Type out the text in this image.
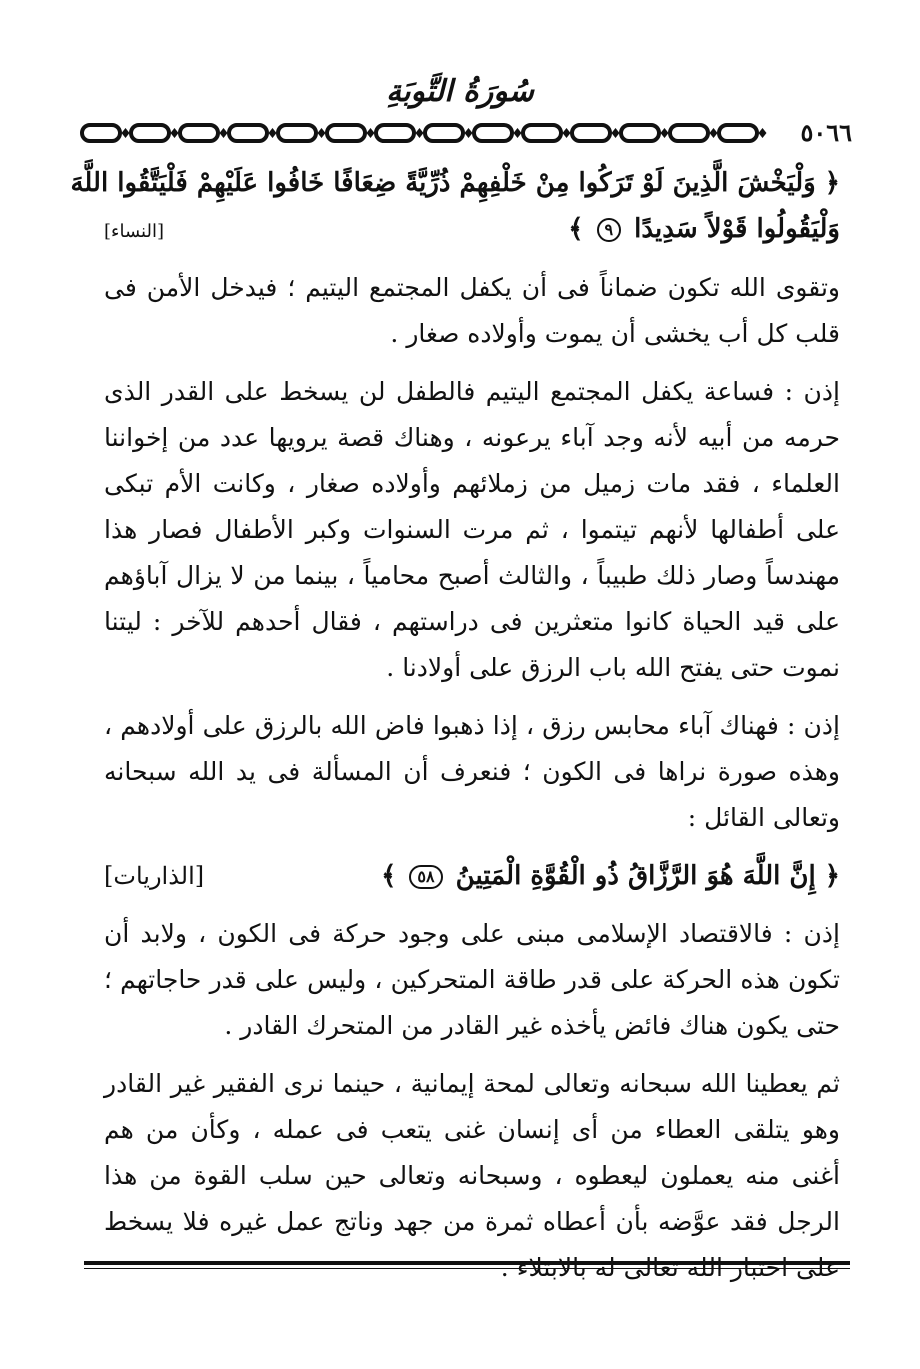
سُورَةُ التَّوبَةِ
٥٠٦٦
﴿ وَلْيَخْشَ الَّذِينَ لَوْ تَرَكُوا مِنْ خَلْفِهِمْ ذُرِّيَّةً ضِعَافًا خَافُوا عَلَيْهِمْ فَلْيَتَّقُوا اللَّهَ
وَلْيَقُولُوا قَوْلاً سَدِيدًا ٩ ﴾
[النساء]

وتقوى الله تكون ضماناً فى أن يكفل المجتمع اليتيم ؛ فيدخل الأمن فى قلب كل أب يخشى أن يموت وأولاده صغار .

إذن : فساعة يكفل المجتمع اليتيم فالطفل لن يسخط على القدر الذى حرمه من أبيه لأنه وجد آباء يرعونه ، وهناك قصة يرويها عدد من إخواننا العلماء ، فقد مات زميل من زملائهم وأولاده صغار ، وكانت الأم تبكى على أطفالها لأنهم تيتموا ، ثم مرت السنوات وكبر الأطفال فصار هذا مهندساً وصار ذلك طبيباً ، والثالث أصبح محامياً ، بينما من لا يزال آباؤهم على قيد الحياة كانوا متعثرين فى دراستهم ، فقال أحدهم للآخر : ليتنا نموت حتى يفتح الله باب الرزق على أولادنا .

إذن : فهناك آباء محابس رزق ، إذا ذهبوا فاض الله بالرزق على أولادهم ، وهذه صورة نراها فى الكون ؛ فنعرف أن المسألة فى يد الله سبحانه وتعالى القائل :

﴿ إِنَّ اللَّهَ هُوَ الرَّزَّاقُ ذُو الْقُوَّةِ الْمَتِينُ ٥٨ ﴾
[الذاريات]

إذن : فالاقتصاد الإسلامى مبنى على وجود حركة فى الكون ، ولابد أن تكون هذه الحركة على قدر طاقة المتحركين ، وليس على قدر حاجاتهم ؛ حتى يكون هناك فائض يأخذه غير القادر من المتحرك القادر .

ثم يعطينا الله سبحانه وتعالى لمحة إيمانية ، حينما نرى الفقير غير القادر وهو يتلقى العطاء من أى إنسان غنى يتعب فى عمله ، وكأن من هم أغنى منه يعملون ليعطوه ، وسبحانه وتعالى حين سلب القوة من هذا الرجل فقد عوَّضه بأن أعطاه ثمرة من جهد وناتج عمل غيره فلا يسخط
